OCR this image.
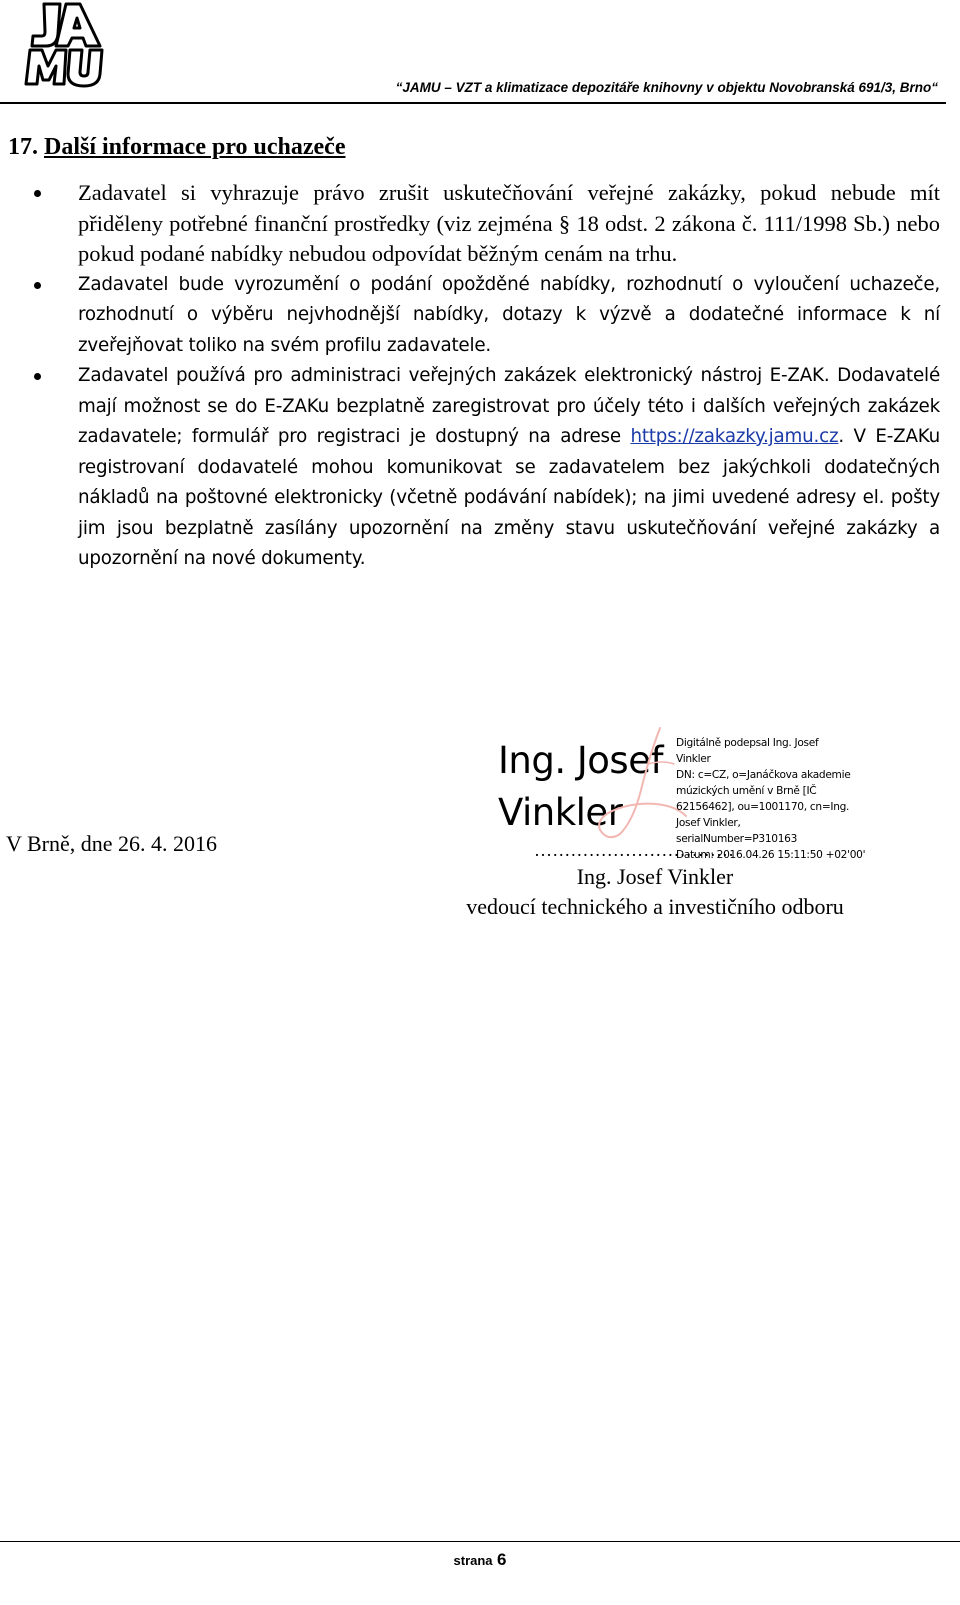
“JAMU – VZT a klimatizace depozitáře knihovny v objektu Novobranská 691/3, Brno“
17. Další informace pro uchazeče
Zadavatel si vyhrazuje právo zrušit uskutečňování veřejné zakázky, pokud nebude mít přiděleny potřebné finanční prostředky (viz zejména § 18 odst. 2 zákona č. 111/1998 Sb.) nebo pokud podané nabídky nebudou odpovídat běžným cenám na trhu.
Zadavatel bude vyrozumění o podání opožděné nabídky, rozhodnutí o vyloučení uchazeče, rozhodnutí o výběru nejvhodnější nabídky, dotazy k výzvě a dodatečné informace k ní zveřejňovat toliko na svém profilu zadavatele.
Zadavatel používá pro administraci veřejných zakázek elektronický nástroj E-ZAK. Dodavatelé mají možnost se do E-ZAKu bezplatně zaregistrovat pro účely této i dalších veřejných zakázek zadavatele; formulář pro registraci je dostupný na adrese https://zakazky.jamu.cz. V E-ZAKu registrovaní dodavatelé mohou komunikovat se zadavatelem bez jakýchkoli dodatečných nákladů na poštovné elektronicky (včetně podávání nabídek); na jimi uvedené adresy el. pošty jim jsou bezplatně zasílány upozornění na změny stavu uskutečňování veřejné zakázky a upozornění na nové dokumenty.
V Brně, dne 26. 4. 2016
Ing. Josef
Vinkler
Digitálně podepsal Ing. Josef
Vinkler
DN: c=CZ, o=Janáčkova akademie
múzických umění v Brně [IČ
62156462], ou=1001170, cn=Ing.
Josef Vinkler,
serialNumber=P310163
Datum: 2016.04.26 15:11:50 +02'00'
……………………………
Ing. Josef Vinkler
vedoucí technického a investičního odboru
strana 6
